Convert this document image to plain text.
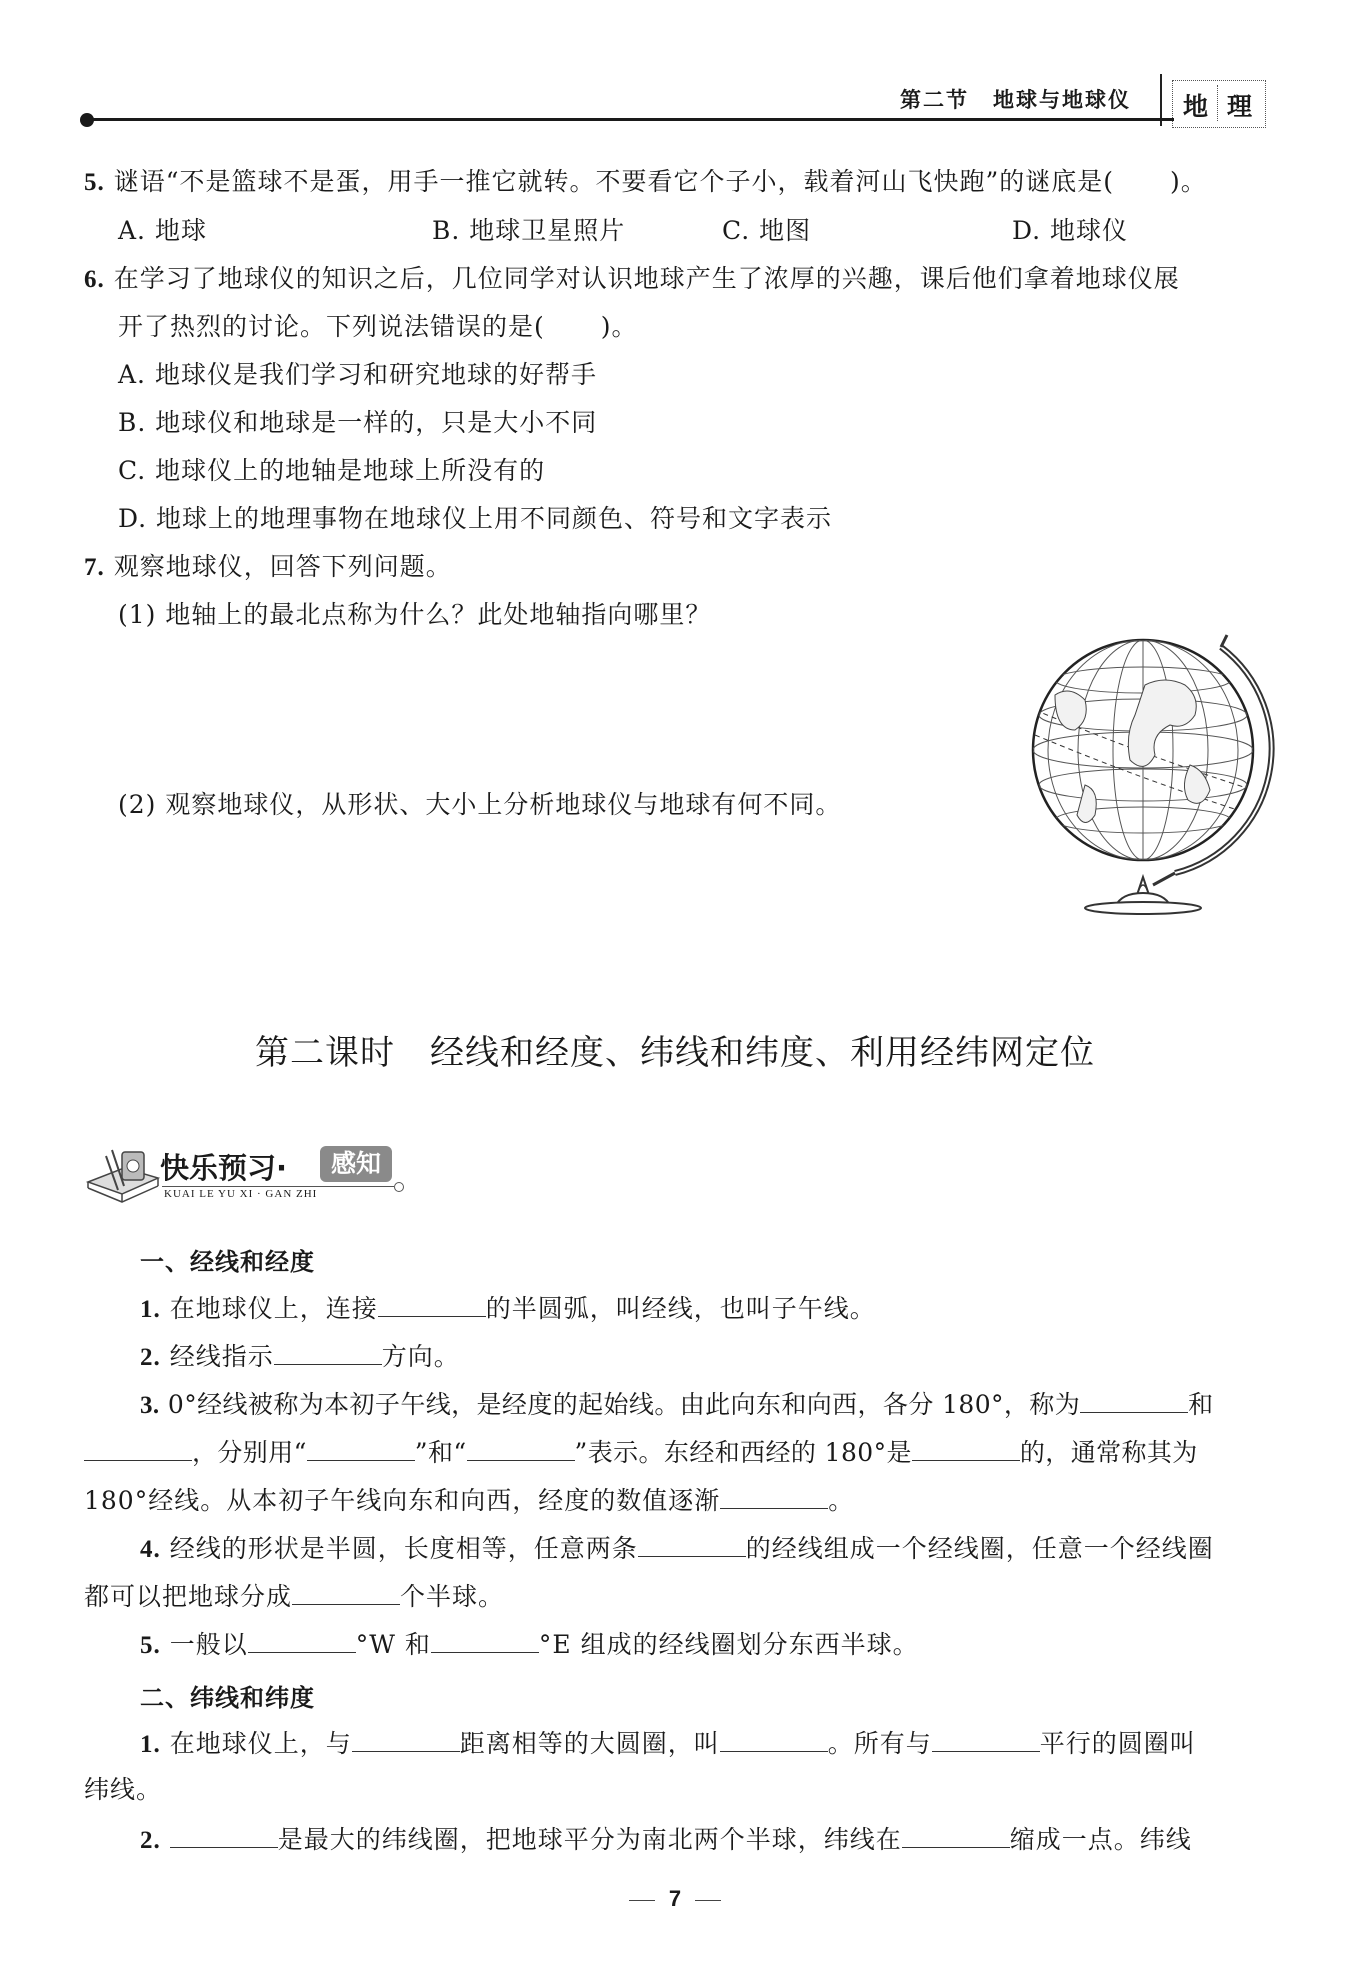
第二节 地球与地球仪 地 理
5. 谜语“不是篮球不是蛋，用手一推它就转。不要看它个子小，载着河山飞快跑”的谜底是( )。
A. 地球	B. 地球卫星照片	C. 地图	D. 地球仪
6. 在学习了地球仪的知识之后，几位同学对认识地球产生了浓厚的兴趣，课后他们拿着地球仪展
开了热烈的讨论。下列说法错误的是( )。
A. 地球仪是我们学习和研究地球的好帮手
B. 地球仪和地球是一样的，只是大小不同
C. 地球仪上的地轴是地球上所没有的
D. 地球上的地理事物在地球仪上用不同颜色、符号和文字表示
7. 观察地球仪，回答下列问题。
(1) 地轴上的最北点称为什么？此处地轴指向哪里？
(2) 观察地球仪，从形状、大小上分析地球仪与地球有何不同。
第二课时　经线和经度、纬线和纬度、利用经纬网定位
快乐预习·	感知
KUAI LE YU XI · GAN ZHI
一、经线和经度
1. 在地球仪上，连接	的半圆弧，叫经线，也叫子午线。
2. 经线指示	方向。
3. 0°经线被称为本初子午线，是经度的起始线。由此向东和向西，各分 180°，称为	和
，分别用“	”和“	”表示。东经和西经的 180°是	的，通常称其为
180°经线。从本初子午线向东和向西，经度的数值逐渐	。
4. 经线的形状是半圆，长度相等，任意两条	的经线组成一个经线圈，任意一个经线圈
都可以把地球分成	个半球。
5. 一般以	°W 和	°E 组成的经线圈划分东西半球。
二、纬线和纬度
1. 在地球仪上，与	距离相等的大圆圈，叫	。所有与	平行的圆圈叫
纬线。
2.	是最大的纬线圈，把地球平分为南北两个半球，纬线在	缩成一点。纬线
7
